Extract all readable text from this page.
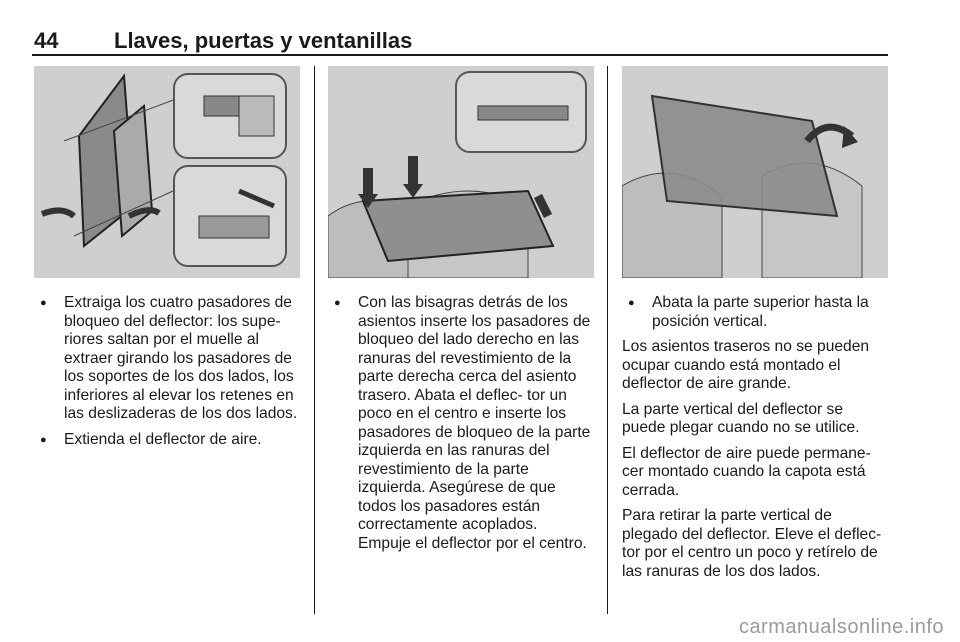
44	Llaves, puertas y ventanillas
● Extraiga los cuatro pasadores de bloqueo del deflector: los supe- riores saltan por el muelle al extraer girando los pasadores de los soportes de los dos lados, los inferiores al elevar los retenes en las deslizaderas de los dos lados.
● Extienda el deflector de aire.
● Con las bisagras detrás de los asientos inserte los pasadores de bloqueo del lado derecho en las ranuras del revestimiento de la parte derecha cerca del asiento trasero. Abata el deflec- tor un poco en el centro e inserte los pasadores de bloqueo de la parte izquierda en las ranuras del revestimiento de la parte izquierda. Asegúrese de que todos los pasadores están correctamente acoplados. Empuje el deflector por el centro.
● Abata la parte superior hasta la posición vertical.

Los asientos traseros no se pueden ocupar cuando está montado el deflector de aire grande.

La parte vertical del deflector se puede plegar cuando no se utilice.

El deflector de aire puede permane- cer montado cuando la capota está cerrada.

Para retirar la parte vertical de plegado del deflector. Eleve el deflec- tor por el centro un poco y retírelo de las ranuras de los dos lados.

carmanualsonline.info
